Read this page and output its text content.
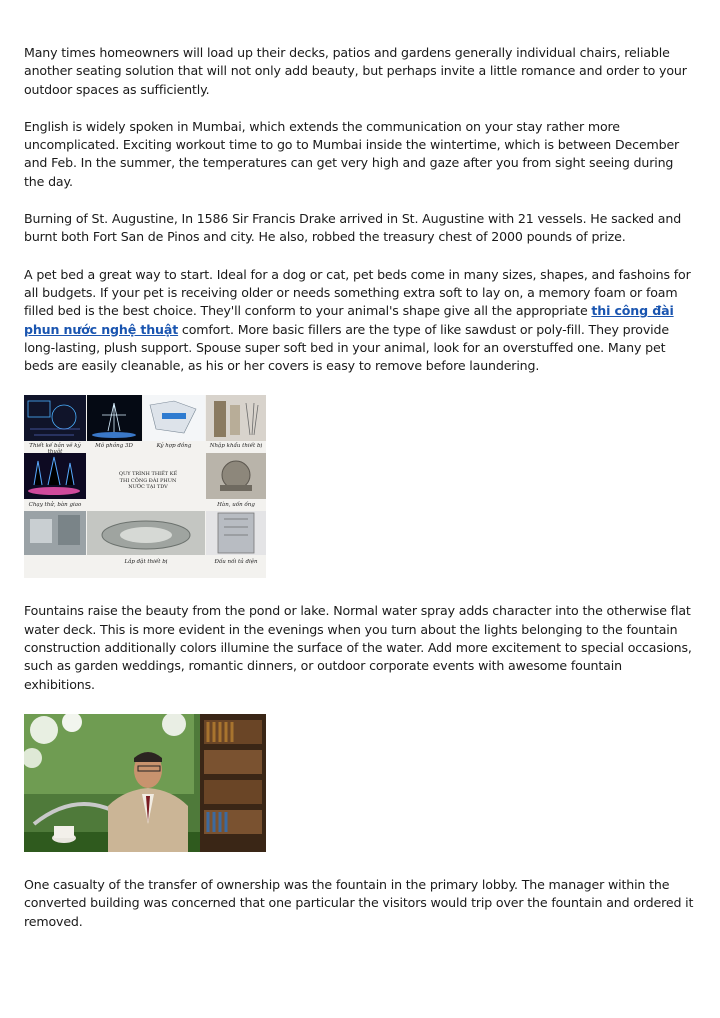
Many times homeowners will load up their decks, patios and gardens generally individual chairs, reliable another seating solution that will not only add beauty, but perhaps invite a little romance and order to your outdoor spaces as sufficiently.

English is widely spoken in Mumbai, which extends the communication on your stay rather more uncomplicated. Exciting workout time to go to Mumbai inside the wintertime, which is between December and Feb. In the summer, the temperatures can get very high and gaze after you from sight seeing during the day.

Burning of St. Augustine, In 1586 Sir Francis Drake arrived in St. Augustine with 21 vessels. He sacked and burnt both Fort San de Pinos and city. He also, robbed the treasury chest of 2000 pounds of prize.

A pet bed a great way to start. Ideal for a dog or cat, pet beds come in many sizes, shapes, and fashoins for all budgets. If your pet is receiving older or needs something extra soft to lay on, a memory foam or foam filled bed is the best choice. They'll conform to your animal's shape give all the appropriate thi công đài phun nước nghệ thuật comfort. More basic fillers are the type of like sawdust or poly-fill. They provide long-lasting, plush support. Spouse super soft bed in your animal, look for an overstuffed one. Many pet beds are easily cleanable, as his or her covers is easy to remove before laundering.

Thiết kế bản vẽ kỹ thuật
Mô phỏng 3D	Ký hợp đồng	Nhập khẩu thiết bị
Chạy thử, bàn giao	Hàn, uốn ống
Lắp đặt thiết bị	Đấu nối tủ điện
QUY TRÌNH THIẾT KẾ THI CÔNG ĐÀI PHUN NƯỚC TẠI TDV

Fountains raise the beauty from the pond or lake. Normal water spray adds character into the otherwise flat water deck. This is more evident in the evenings when you turn about the lights belonging to the fountain construction additionally colors illumine the surface of the water. Add more excitement to special occasions, such as garden weddings, romantic dinners, or outdoor corporate events with awesome fountain exhibitions.

One casualty of the transfer of ownership was the fountain in the primary lobby. The manager within the converted building was concerned that one particular the visitors would trip over the fountain and ordered it removed.
